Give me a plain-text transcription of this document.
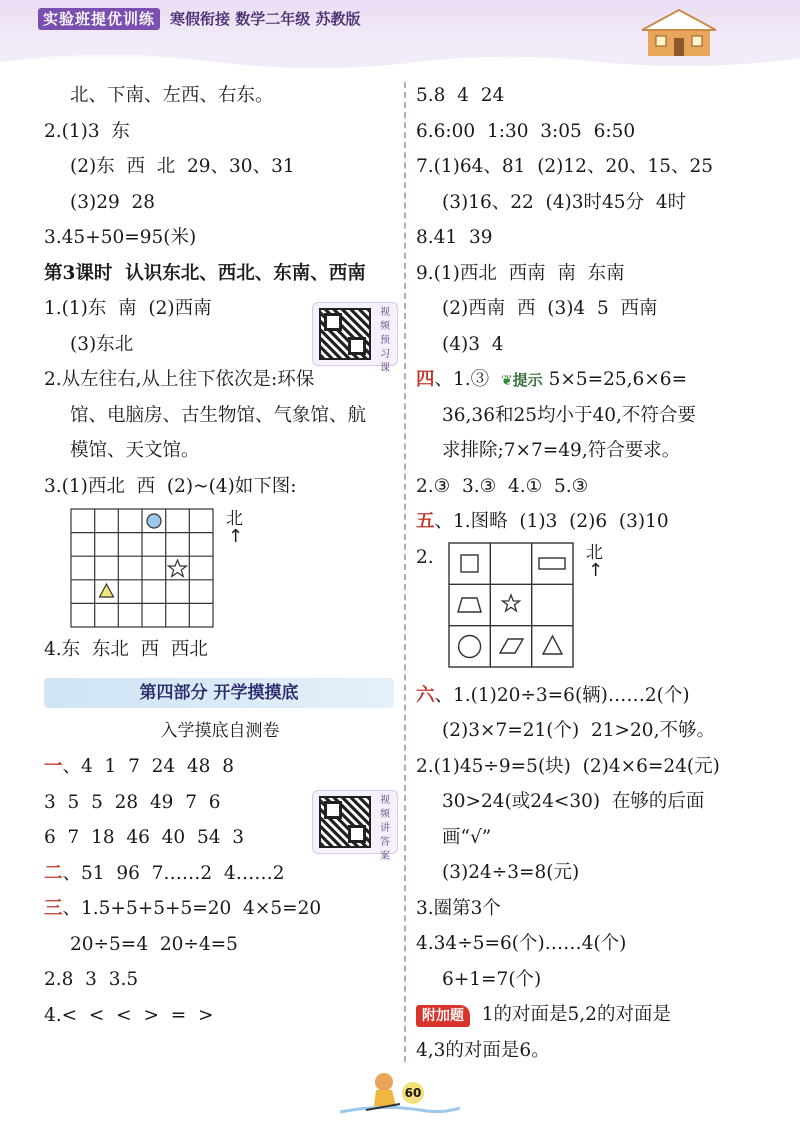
实验班提优训练 寒假衔接 数学二年级 苏教版
北、下南、左西、右东。
2.(1)3  东
(2)东  西  北  29、30、31
(3)29  28
3.45+50=95(米)
第3课时  认识东北、西北、东南、西南
1.(1)东  南  (2)西南
(3)东北
2.从左往右,从上往下依次是:环保
馆、电脑房、古生物馆、气象馆、航
模馆、天文馆。
3.(1)西北  西  (2)~(4)如下图:
北
↑
4.东  东北  西  西北
第四部分 开学摸摸底
入学摸底自测卷
一、4  1  7  24  48  8
3  5  5  28  49  7  6
6  7  18  46  40  54  3
二、51  96  7……2  4……2
三、1.5+5+5+5=20  4×5=20
20÷5=4  20÷4=5
2.8  3  3.5
4.<  <  <  >  =  >
视频预习课
视频讲答案
5.8  4  24
6.6:00  1:30  3:05  6:50
7.(1)64、81  (2)12、20、15、25
(3)16、22  (4)3时45分  4时
8.41  39
9.(1)西北  西南  南  东南
(2)西南  西  (3)4  5  西南
(4)3  4
四、1.③  ❦提示 5×5=25,6×6=
36,36和25均小于40,不符合要
求排除;7×7=49,符合要求。
2.③  3.③  4.①  5.③
五、1.图略  (1)3  (2)6  (3)10
2.	北
↑
六、1.(1)20÷3=6(辆)……2(个)
(2)3×7=21(个)  21>20,不够。
2.(1)45÷9=5(块)  (2)4×6=24(元)
30>24(或24<30)  在够的后面
画“√”
(3)24÷3=8(元)
3.圈第3个
4.34÷5=6(个)……4(个)
6+1=7(个)
附加题  1的对面是5,2的对面是
4,3的对面是6。
60
